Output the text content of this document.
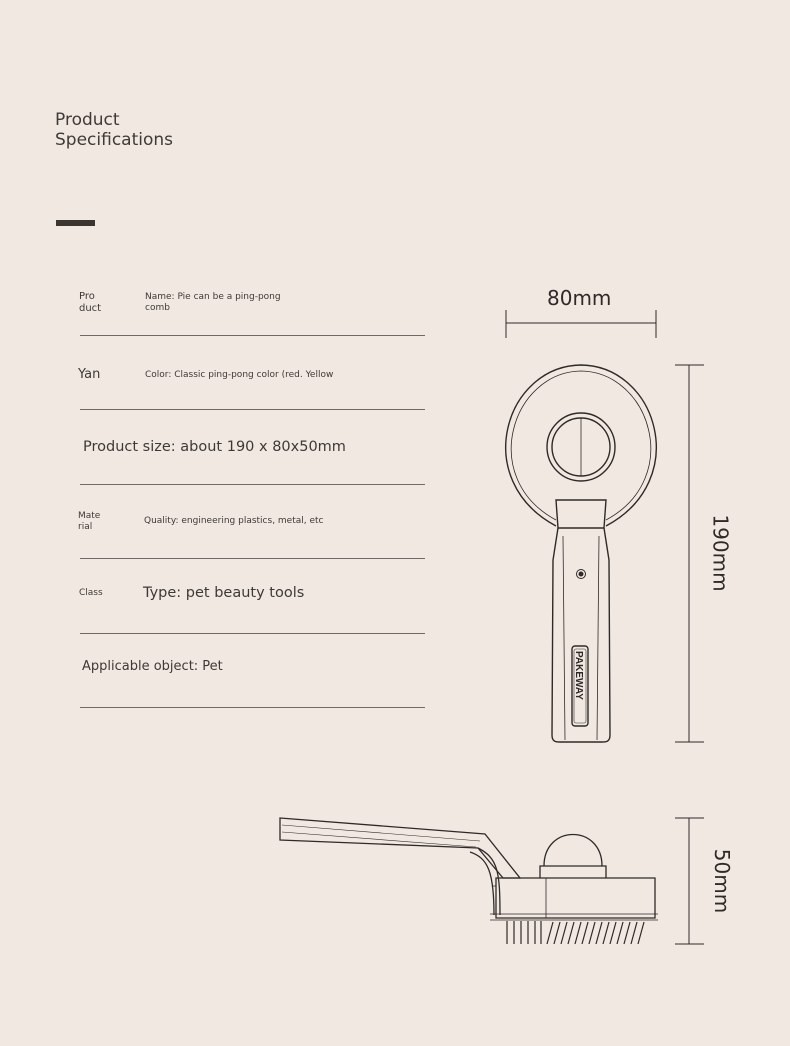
Product
Specifications
Pro
duct
Name: Pie can be a ping-pong
comb
Yan	Color: Classic ping-pong color (red. Yellow
Product size: about 190 x 80x50mm
Mate
rial
Quality: engineering plastics, metal, etc
Class	Type: pet beauty tools
Applicable object: Pet
80mm
PAKEWAY
190mm
50mm
